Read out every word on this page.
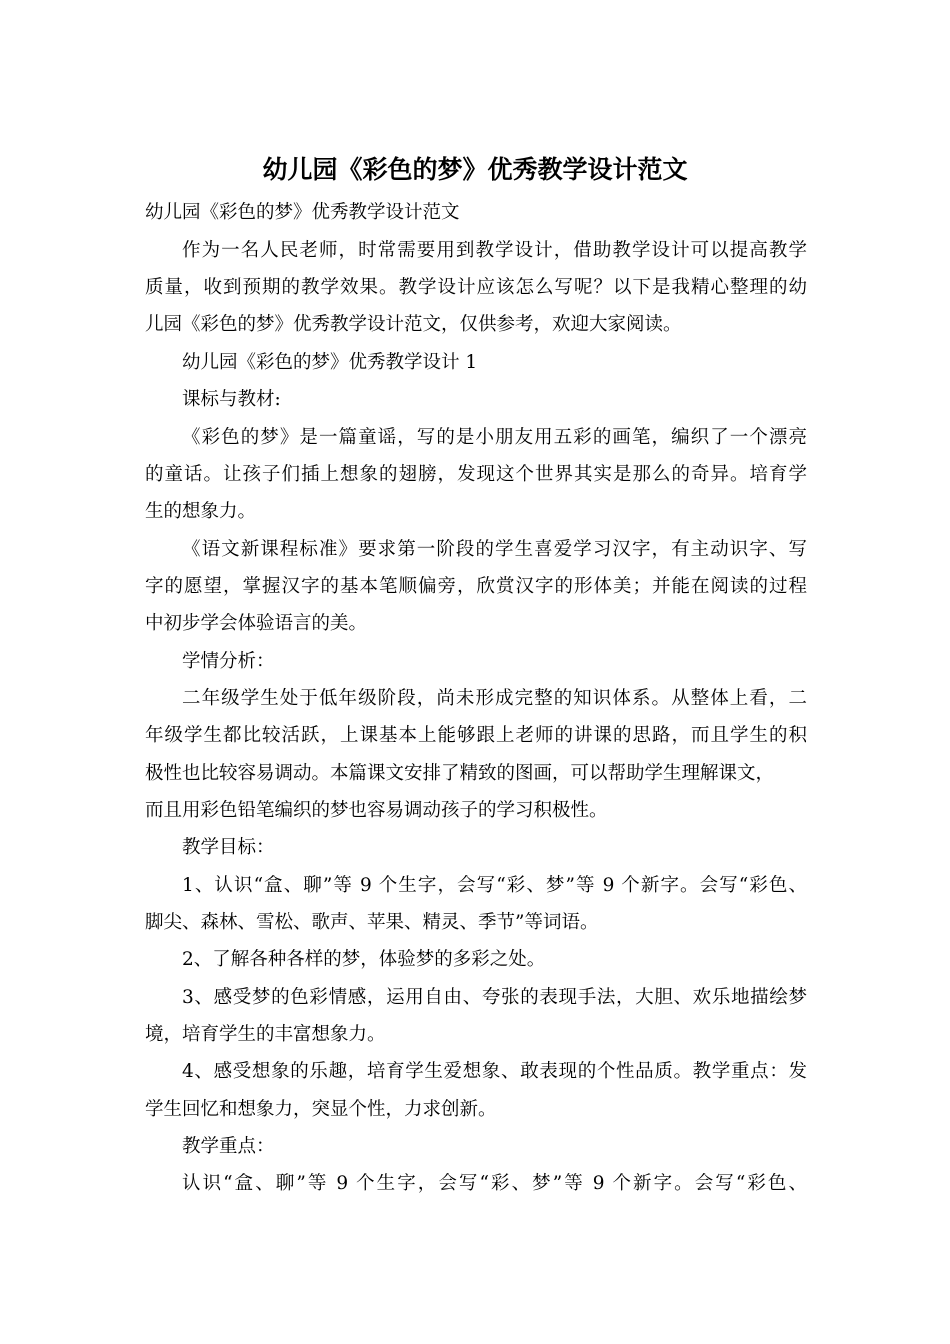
幼儿园《彩色的梦》优秀教学设计范文
幼儿园《彩色的梦》优秀教学设计范文
作为一名人民老师，时常需要用到教学设计，借助教学设计可以提高教学
质量，收到预期的教学效果。教学设计应该怎么写呢？以下是我精心整理的幼
儿园《彩色的梦》优秀教学设计范文，仅供参考，欢迎大家阅读。
幼儿园《彩色的梦》优秀教学设计 1
课标与教材:
《彩色的梦》是一篇童谣，写的是小朋友用五彩的画笔，编织了一个漂亮
的童话。让孩子们插上想象的翅膀，发现这个世界其实是那么的奇异。培育学
生的想象力。
《语文新课程标准》要求第一阶段的学生喜爱学习汉字，有主动识字、写
字的愿望，掌握汉字的基本笔顺偏旁，欣赏汉字的形体美；并能在阅读的过程
中初步学会体验语言的美。
学情分析：
二年级学生处于低年级阶段，尚未形成完整的知识体系。从整体上看，二
年级学生都比较活跃，上课基本上能够跟上老师的讲课的思路，而且学生的积
极性也比较容易调动。本篇课文安排了精致的图画，可以帮助学生理解课文，
而且用彩色铅笔编织的梦也容易调动孩子的学习积极性。
教学目标：
1、认识“盒、聊”等 9 个生字，会写“彩、梦”等 9 个新字。会写“彩色、
脚尖、森林、雪松、歌声、苹果、精灵、季节”等词语。
2、了解各种各样的梦，体验梦的多彩之处。
3、感受梦的色彩情感，运用自由、夸张的表现手法，大胆、欢乐地描绘梦
境，培育学生的丰富想象力。
4、感受想象的乐趣，培育学生爱想象、敢表现的个性品质。教学重点：发
学生回忆和想象力，突显个性，力求创新。
教学重点：
认识“盒、聊”等 9 个生字，会写“彩、梦”等 9 个新字。会写“彩色、
